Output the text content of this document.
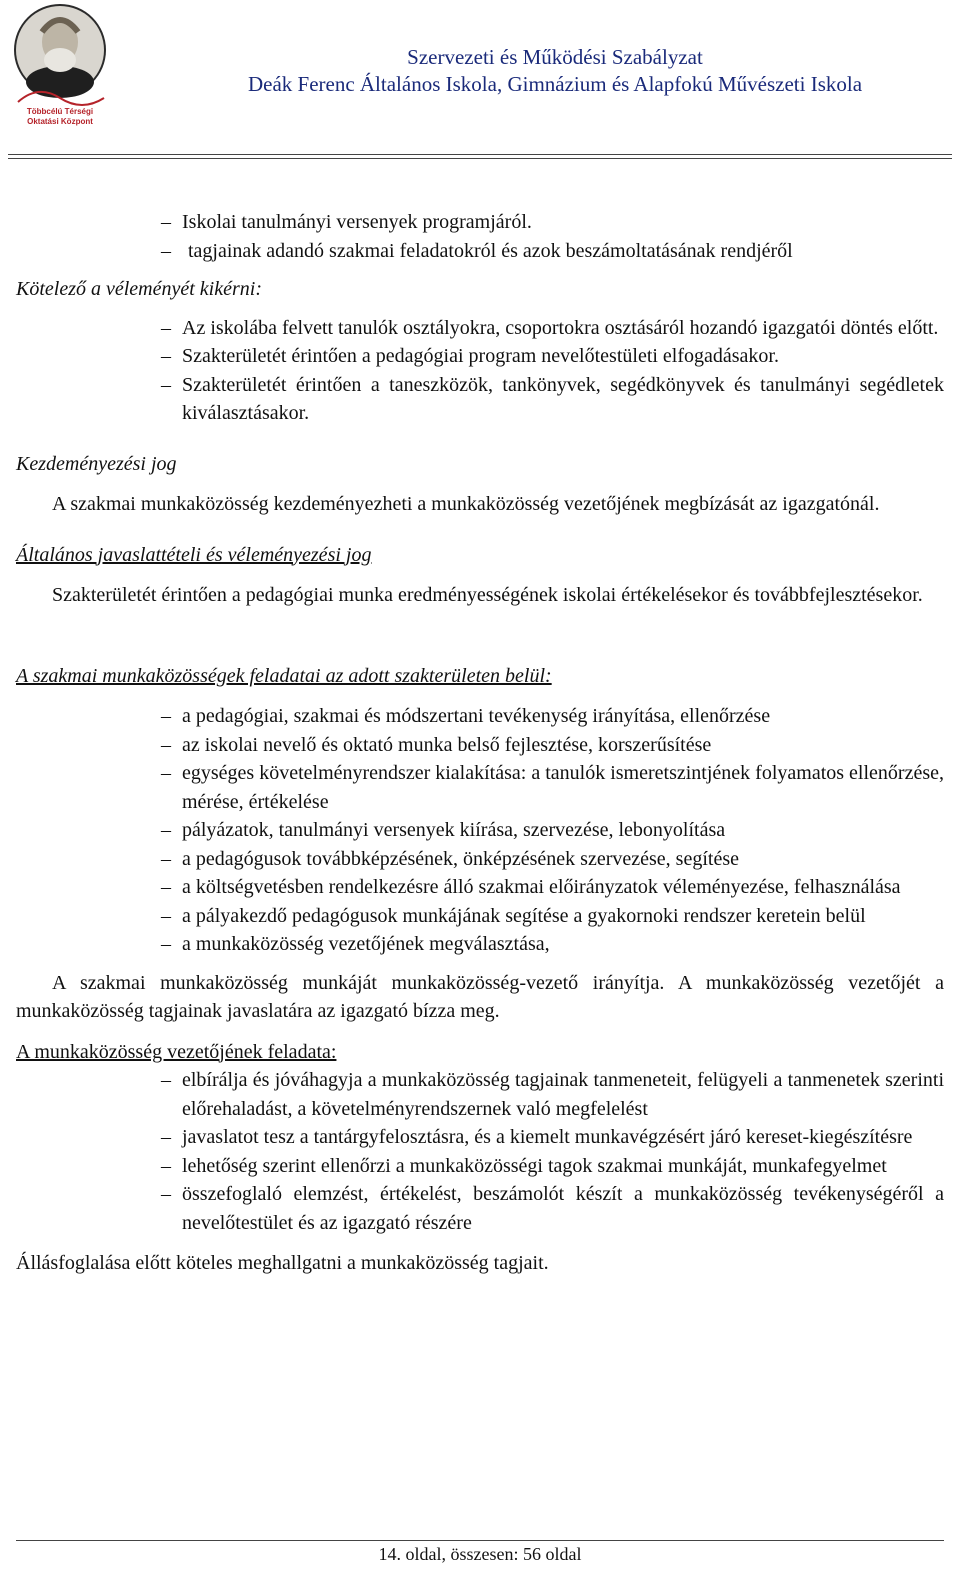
Többcélú Térségi
Oktatási Központ
Szervezeti és Működési Szabályzat
Deák Ferenc Általános Iskola, Gimnázium és Alapfokú Művészeti Iskola
– Iskolai tanulmányi versenyek programjáról.
– tagjainak adandó szakmai feladatokról és azok beszámoltatásának rendjéről

Kötelező a véleményét kikérni:

– Az iskolába felvett tanulók osztályokra, csoportokra osztásáról hozandó igazgatói döntés előtt.
– Szakterületét érintően a pedagógiai program nevelőtestületi elfogadásakor.
– Szakterületét érintően a taneszközök, tankönyvek, segédkönyvek és tanulmányi segédletek kiválasztásakor.

Kezdeményezési jog

A szakmai munkaközösség kezdeményezheti a munkaközösség vezetőjének megbízását az igazgatónál.

Általános javaslattételi és véleményezési jog

Szakterületét érintően a pedagógiai munka eredményességének iskolai értékelésekor és továbbfejlesztésekor.

A szakmai munkaközösségek feladatai az adott szakterületen belül:

– a pedagógiai, szakmai és módszertani tevékenység irányítása, ellenőrzése
– az iskolai nevelő és oktató munka belső fejlesztése, korszerűsítése
– egységes követelményrendszer kialakítása: a tanulók ismeretszintjének folyamatos ellenőrzése, mérése, értékelése
– pályázatok, tanulmányi versenyek kiírása, szervezése, lebonyolítása
– a pedagógusok továbbképzésének, önképzésének szervezése, segítése
– a költségvetésben rendelkezésre álló szakmai előirányzatok véleményezése, felhasználása
– a pályakezdő pedagógusok munkájának segítése a gyakornoki rendszer keretein belül
– a munkaközösség vezetőjének megválasztása,

A szakmai munkaközösség munkáját munkaközösség-vezető irányítja. A munkaközösség vezetőjét a munkaközösség tagjainak javaslatára az igazgató bízza meg.

A munkaközösség vezetőjének feladata:

– elbírálja és jóváhagyja a munkaközösség tagjainak tanmeneteit, felügyeli a tanmenetek szerinti előrehaladást, a követelményrendszernek való megfelelést
– javaslatot tesz a tantárgyfelosztásra, és a kiemelt munkavégzésért járó kereset-kiegészítésre
– lehetőség szerint ellenőrzi a munkaközösségi tagok szakmai munkáját, munkafegyelmet
– összefoglaló elemzést, értékelést, beszámolót készít a munkaközösség tevékenységéről a nevelőtestület és az igazgató részére

Állásfoglalása előtt köteles meghallgatni a munkaközösség tagjait.

14. oldal, összesen: 56 oldal
